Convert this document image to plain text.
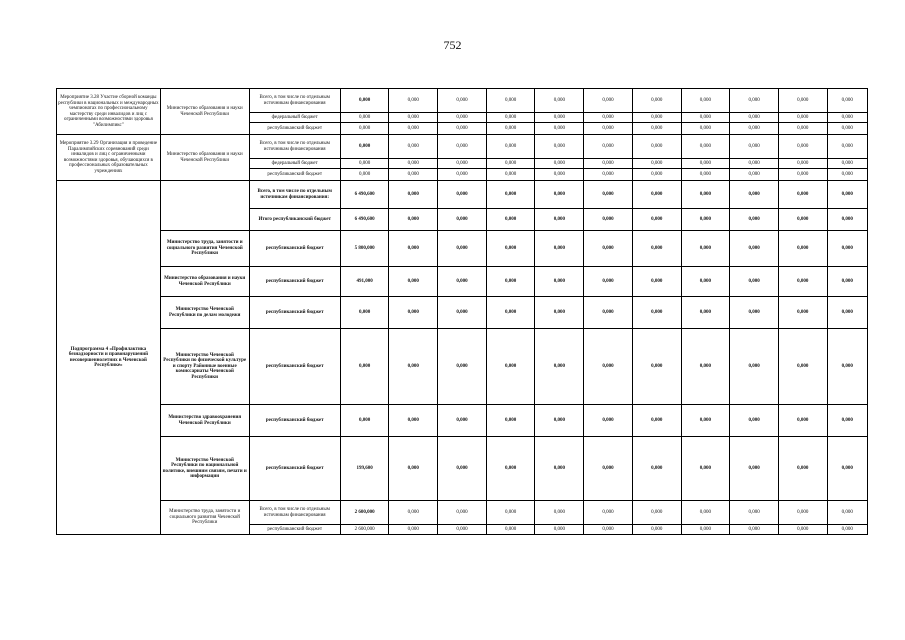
752
Мероприятие 3.28 Участие сборной команды республики в национальных и международных чемпионатах по профессиональному мастерству среди инвалидов и лиц с ограниченными возможностями здоровья "Абилимпикс"	Министерство образования и науки Чеченской Республики	Всего, в том числе по отдельным источникам финансирования	0,000	0,000	0,000	0,000	0,000	0,000	0,000	0,000	0,000	0,000	0,000
		федеральный бюджет	0,000	0,000	0,000	0,000	0,000	0,000	0,000	0,000	0,000	0,000	0,000
		республиканский бюджет	0,000	0,000	0,000	0,000	0,000	0,000	0,000	0,000	0,000	0,000	0,000
Мероприятие 3.29 Организация и проведение Паралимпийских соревнований среди инвалидов и лиц с ограниченными возможностями здоровья, обучающихся в профессиональных образовательных учреждениях	Министерство образования и науки Чеченской Республики	Всего, в том числе по отдельным источникам финансирования	0,000	0,000	0,000	0,000	0,000	0,000	0,000	0,000	0,000	0,000	0,000
		федеральный бюджет	0,000	0,000	0,000	0,000	0,000	0,000	0,000	0,000	0,000	0,000	0,000
		республиканский бюджет	0,000	0,000	0,000	0,000	0,000	0,000	0,000	0,000	0,000	0,000	0,000
Подпрограмма 4 «Профилактика безнадзорности и правонарушений несовершеннолетних в Чеченской Республике»		Всего, в том числе по отдельным источникам финансирования:	6 490,600	0,000	0,000	0,000	0,000	0,000	0,000	0,000	0,000	0,000	0,000
		Итого республиканский бюджет	6 490,600	0,000	0,000	0,000	0,000	0,000	0,000	0,000	0,000	0,000	0,000
	Министерство труда, занятости и социального развития Чеченской Республики	республиканский бюджет	5 800,000	0,000	0,000	0,000	0,000	0,000	0,000	0,000	0,000	0,000	0,000
	Министерство образования и науки Чеченской Республики	республиканский бюджет	491,000	0,000	0,000	0,000	0,000	0,000	0,000	0,000	0,000	0,000	0,000
	Министерство Чеченской Республики по делам молодежи	республиканский бюджет	0,000	0,000	0,000	0,000	0,000	0,000	0,000	0,000	0,000	0,000	0,000
	Министерство Чеченской Республики по физической культуре и спорту Районные военные комиссариаты Чеченской Республики	республиканский бюджет	0,000	0,000	0,000	0,000	0,000	0,000	0,000	0,000	0,000	0,000	0,000
	Министерство здравоохранения Чеченской Республики	республиканский бюджет	0,000	0,000	0,000	0,000	0,000	0,000	0,000	0,000	0,000	0,000	0,000
	Министерство Чеченской Республики по национальной политике, внешним связям, печати и информации	республиканский бюджет	199,600	0,000	0,000	0,000	0,000	0,000	0,000	0,000	0,000	0,000	0,000
	Министерство труда, занятости и социального развития Чеченской Республики	Всего, в том числе по отдельным источникам финансирования	2 600,000	0,000	0,000	0,000	0,000	0,000	0,000	0,000	0,000	0,000	0,000
		республиканский бюджет	2 600,000	0,000	0,000	0,000	0,000	0,000	0,000	0,000	0,000	0,000	0,000
